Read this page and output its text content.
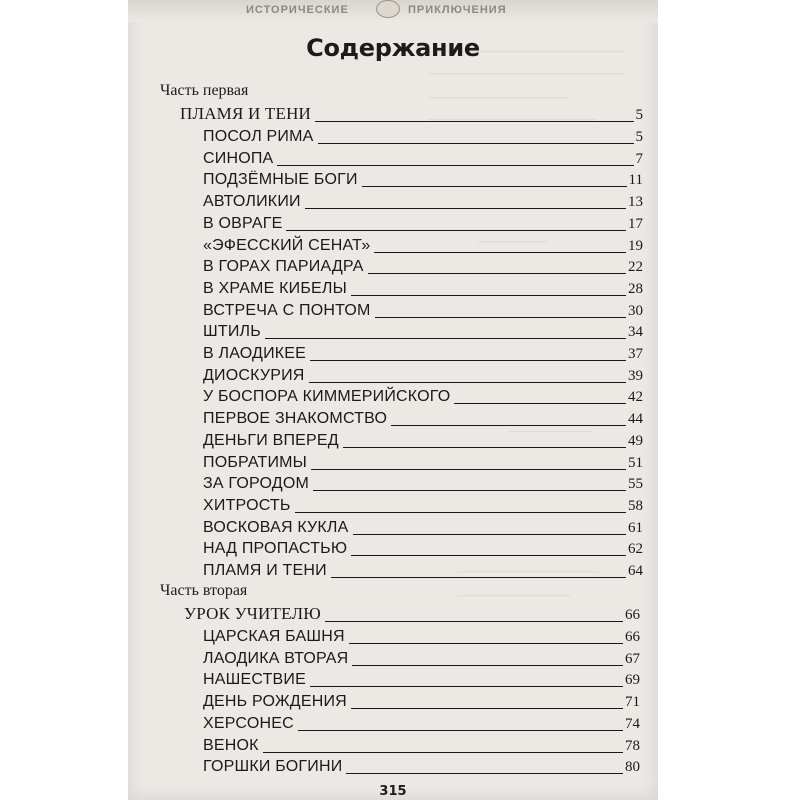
ИСТОРИЧЕСКИЕ	ПРИКЛЮЧЕНИЯ
——————————————
——————————————
——————————
————————————
—————
——————
——————————
————————
Содержание
Часть первая
ПЛАМЯ И ТЕНИ	5
ПОСОЛ РИМА	5
СИНОПА	7
ПОДЗЁМНЫЕ БОГИ	11
АВТОЛИКИИ	13
В ОВРАГЕ	17
«ЭФЕССКИЙ СЕНАТ»	19
В ГОРАХ ПАРИАДРА	22
В ХРАМЕ КИБЕЛЫ	28
ВСТРЕЧА С ПОНТОМ	30
ШТИЛЬ	34
В ЛАОДИКЕЕ	37
ДИОСКУРИЯ	39
У БОСПОРА КИММЕРИЙСКОГО	42
ПЕРВОЕ ЗНАКОМСТВО	44
ДЕНЬГИ ВПЕРЕД	49
ПОБРАТИМЫ	51
ЗА ГОРОДОМ	55
ХИТРОСТЬ	58
ВОСКОВАЯ КУКЛА	61
НАД ПРОПАСТЬЮ	62
ПЛАМЯ И ТЕНИ	64
Часть вторая
УРОК УЧИТЕЛЮ	66
ЦАРСКАЯ БАШНЯ	66
ЛАОДИКА ВТОРАЯ	67
НАШЕСТВИЕ	69
ДЕНЬ РОЖДЕНИЯ	71
ХЕРСОНЕС	74
ВЕНОК	78
ГОРШКИ БОГИНИ	80
315
